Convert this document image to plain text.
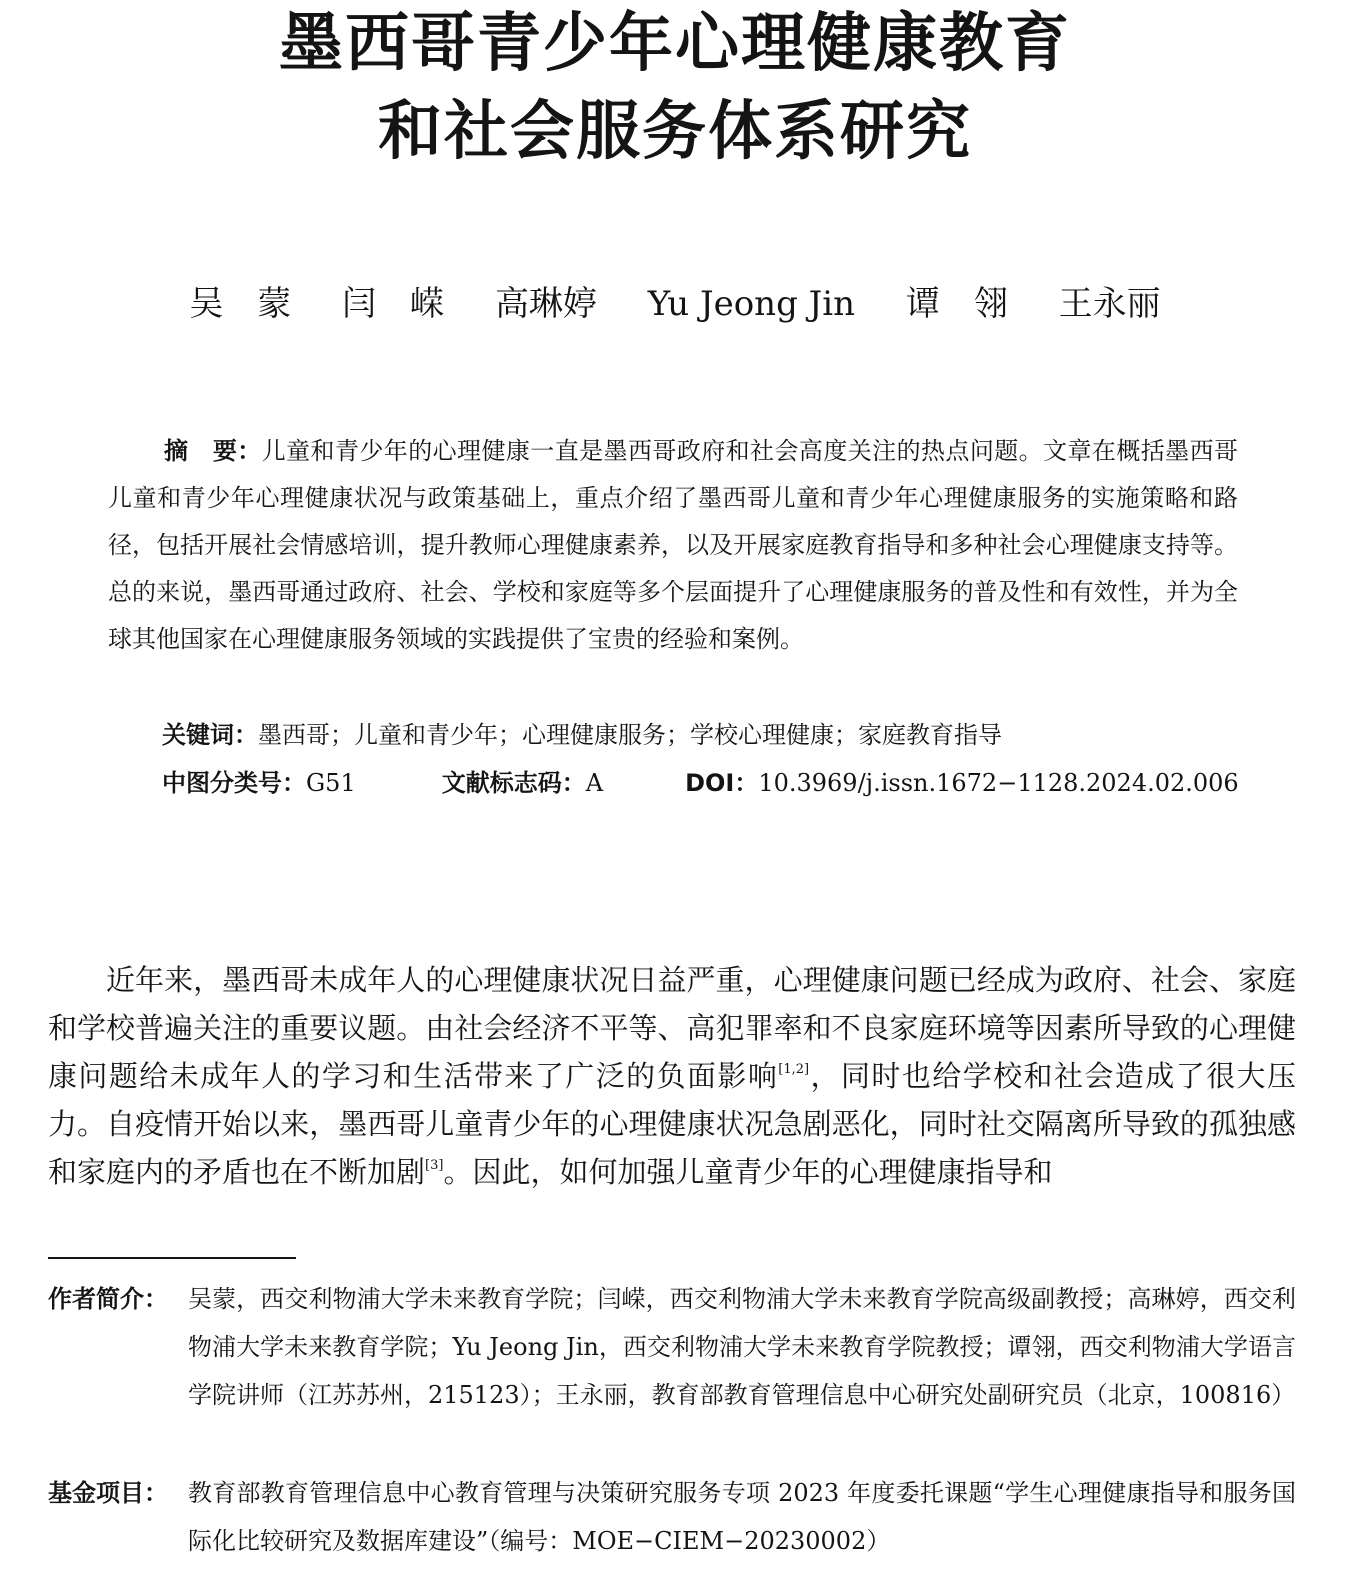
墨西哥青少年心理健康教育
和社会服务体系研究
吴　蒙 闫　嵘 高琳婷 Yu Jeong Jin 谭　翎 王永丽
摘　要：儿童和青少年的心理健康一直是墨西哥政府和社会高度关注的热点问题。文章在概括墨西哥儿童和青少年心理健康状况与政策基础上，重点介绍了墨西哥儿童和青少年心理健康服务的实施策略和路径，包括开展社会情感培训，提升教师心理健康素养，以及开展家庭教育指导和多种社会心理健康支持等。总的来说，墨西哥通过政府、社会、学校和家庭等多个层面提升了心理健康服务的普及性和有效性，并为全球其他国家在心理健康服务领域的实践提供了宝贵的经验和案例。
关键词：墨西哥；儿童和青少年；心理健康服务；学校心理健康；家庭教育指导
中图分类号：G51	文献标志码：A	DOI：10.3969/j.issn.1672−1128.2024.02.006
近年来，墨西哥未成年人的心理健康状况日益严重，心理健康问题已经成为政府、社会、家庭和学校普遍关注的重要议题。由社会经济不平等、高犯罪率和不良家庭环境等因素所导致的心理健康问题给未成年人的学习和生活带来了广泛的负面影响[1,2]，同时也给学校和社会造成了很大压力。自疫情开始以来，墨西哥儿童青少年的心理健康状况急剧恶化，同时社交隔离所导致的孤独感和家庭内的矛盾也在不断加剧[3]。因此，如何加强儿童青少年的心理健康指导和
作者简介： 吴蒙，西交利物浦大学未来教育学院；闫嵘，西交利物浦大学未来教育学院高级副教授；高琳婷，西交利物浦大学未来教育学院；Yu Jeong Jin，西交利物浦大学未来教育学院教授；谭翎，西交利物浦大学语言学院讲师（江苏苏州，215123）；王永丽，教育部教育管理信息中心研究处副研究员（北京，100816）
基金项目： 教育部教育管理信息中心教育管理与决策研究服务专项 2023 年度委托课题“学生心理健康指导和服务国际化比较研究及数据库建设”（编号：MOE−CIEM−20230002）
